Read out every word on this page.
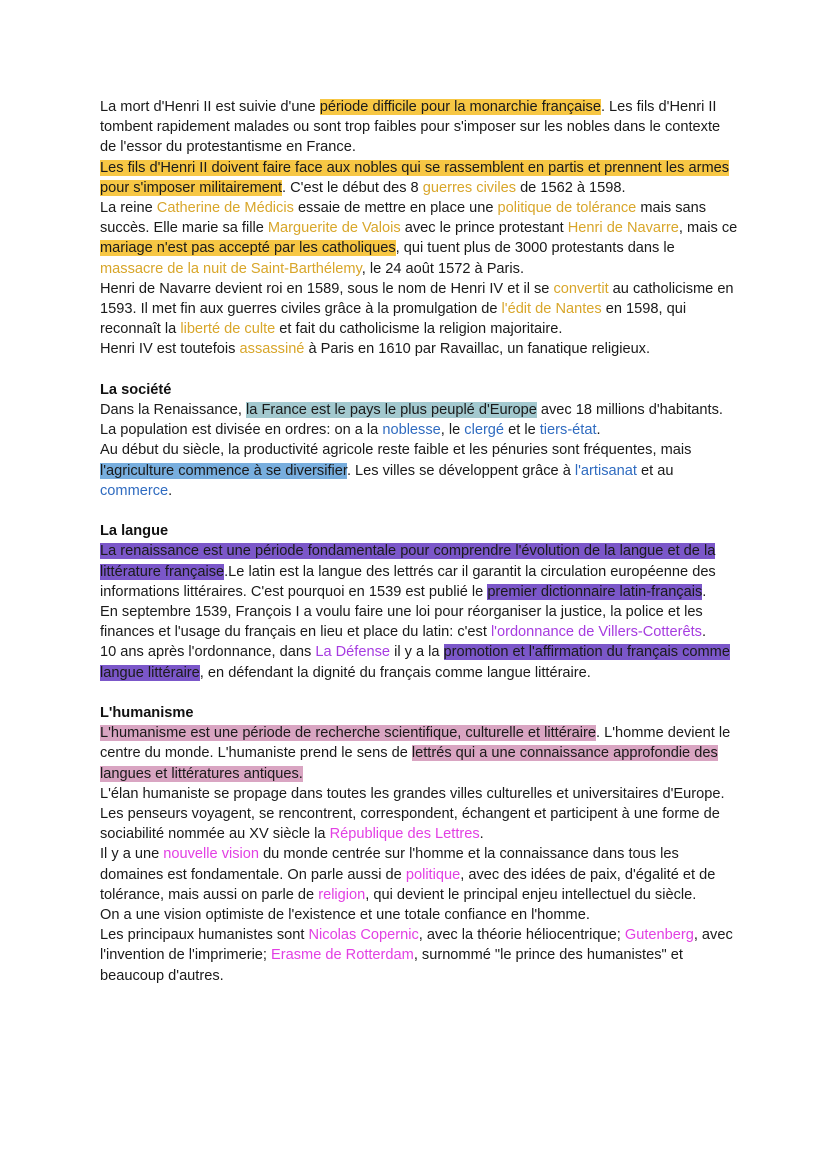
La mort d'Henri II est suivie d'une période difficile pour la monarchie française. Les fils d'Henri II tombent rapidement malades ou sont trop faibles pour s'imposer sur les nobles dans le contexte de l'essor du protestantisme en France.

Les fils d'Henri II doivent faire face aux nobles qui se rassemblent en partis et prennent les armes pour s'imposer militairement. C'est le début des 8 guerres civiles de 1562 à 1598.

La reine Catherine de Médicis essaie de mettre en place une politique de tolérance mais sans succès. Elle marie sa fille Marguerite de Valois avec le prince protestant Henri de Navarre, mais ce mariage n'est pas accepté par les catholiques, qui tuent plus de 3000 protestants dans le massacre de la nuit de Saint-Barthélemy, le 24 août 1572 à Paris.

Henri de Navarre devient roi en 1589, sous le nom de Henri IV et il se convertit au catholicisme en 1593. Il met fin aux guerres civiles grâce à la promulgation de l'édit de Nantes en 1598, qui reconnaît la liberté de culte et fait du catholicisme la religion majoritaire.

Henri IV est toutefois assassiné à Paris en 1610 par Ravaillac, un fanatique religieux.

La société

Dans la Renaissance, la France est le pays le plus peuplé d'Europe avec 18 millions d'habitants. La population est divisée en ordres: on a la noblesse, le clergé et le tiers-état.

Au début du siècle, la productivité agricole reste faible et les pénuries sont fréquentes, mais l'agriculture commence à se diversifier. Les villes se développent grâce à l'artisanat et au commerce.

La langue

La renaissance est une période fondamentale pour comprendre l'évolution de la langue et de la littérature française.Le latin est la langue des lettrés car il garantit la circulation européenne des informations littéraires. C'est pourquoi en 1539 est publié le premier dictionnaire latin-français.

En septembre 1539, François I a voulu faire une loi pour réorganiser la justice, la police et les finances et l'usage du français en lieu et place du latin: c'est l'ordonnance de Villers-Cotterêts.

10 ans après l'ordonnance, dans La Défense il y a la promotion et l'affirmation du français comme langue littéraire, en défendant la dignité du français comme langue littéraire.

L'humanisme

L'humanisme est une période de recherche scientifique, culturelle et littéraire. L'homme devient le centre du monde. L'humaniste prend le sens de lettrés qui a une connaissance approfondie des langues et littératures antiques.

L'élan humaniste se propage dans toutes les grandes villes culturelles et universitaires d'Europe. Les penseurs voyagent, se rencontrent, correspondent, échangent et participent à une forme de sociabilité nommée au XV siècle la République des Lettres.

Il y a une nouvelle vision du monde centrée sur l'homme et la connaissance dans tous les domaines est fondamentale. On parle aussi de politique, avec des idées de paix, d'égalité et de tolérance, mais aussi on parle de religion, qui devient le principal enjeu intellectuel du siècle.

On a une vision optimiste de l'existence et une totale confiance en l'homme.

Les principaux humanistes sont Nicolas Copernic, avec la théorie héliocentrique; Gutenberg, avec l'invention de l'imprimerie; Erasme de Rotterdam, surnommé "le prince des humanistes" et beaucoup d'autres.
